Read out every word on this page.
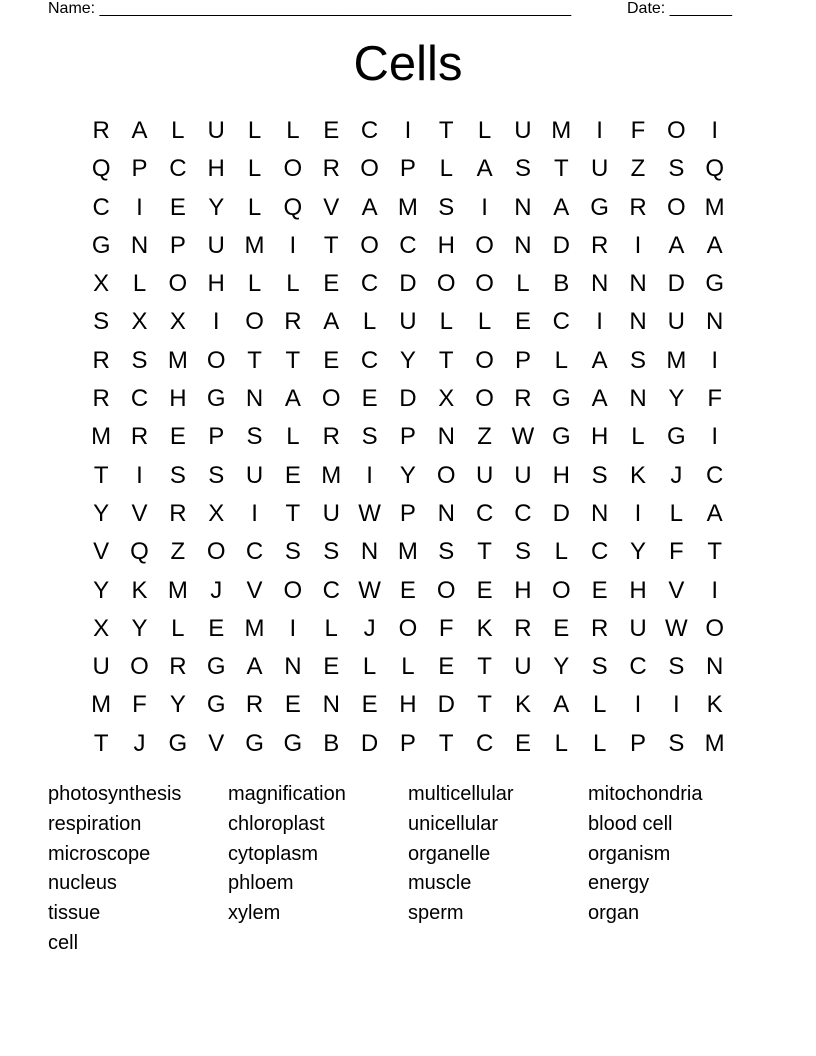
Name: _____________________________________________________	Date: _______
Cells
R A L U L	L E C	I	T	L U M	I	F O	I
Q P C H L O R O P L A S T U Z S Q
C	I	E Y L Q V A M S	I	N A G R O M
G N P U M	I	T O C H O N D R	I	A A
X L O H L	L E C D O O L B N N D G
S X X	I	O R A L U L	L E C	I	N U N
R S M O T T E C Y T O P L A S M	I
R C H G N A O E D X O R G A N Y F
M R E P S L R S P N Z W G H L G	I
T	I	S S U E M	I	Y O U U H S K	J C
Y V R X	I	T U W P N C C D N	I	L A
V Q Z O C S S N M S T S L C Y F T
Y K M J	V O C W E O E H O E H V	I
X Y L E M	I	L	J O F K R E R U W O
U O R G A N E L	L E T U Y S C S N
M F Y G R E N E H D T K A L	I	I	K
T	J G V G G B D P T C E L	L P S M
photosynthesis	magnification	multicellular	mitochondria
respiration	chloroplast	unicellular	blood cell
microscope	cytoplasm	organelle	organism
nucleus	phloem	muscle	energy
tissue	xylem	sperm	organ
cell
